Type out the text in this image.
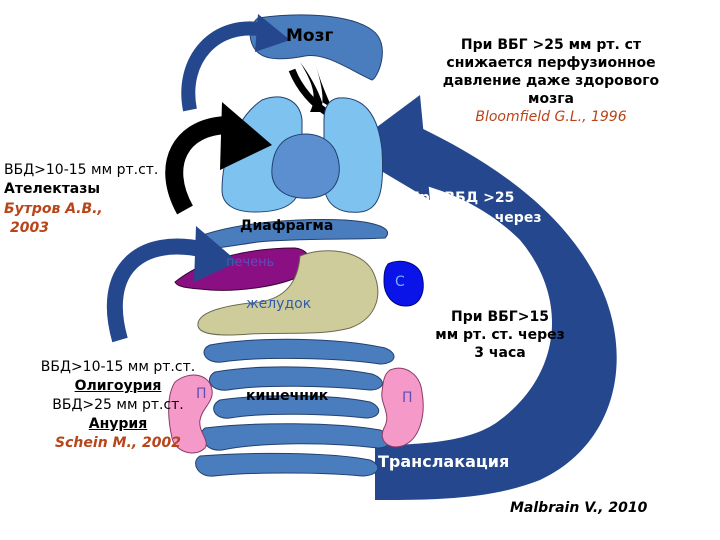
Мозг	При ВБГ >25 мм рт. ст
снижается перфузионное
давление даже здорового
мозга
Bloomfield G.L., 1996
ВБД>10-15 мм рт.ст.
Ателектазы
Бутров А.В.,
2003	Диафрагма
При ВБД >25
мм рт. ст. через
1 час
печень
С
желудок
При ВБГ>15
мм рт. ст. через
3 часа
ВБД>10-15 мм рт.ст.
Олигоурия
ВБД>25 мм рт.ст.
Анурия
Schein M., 2002
П	кишечник	П
Транслакация
Malbrain V., 2010
